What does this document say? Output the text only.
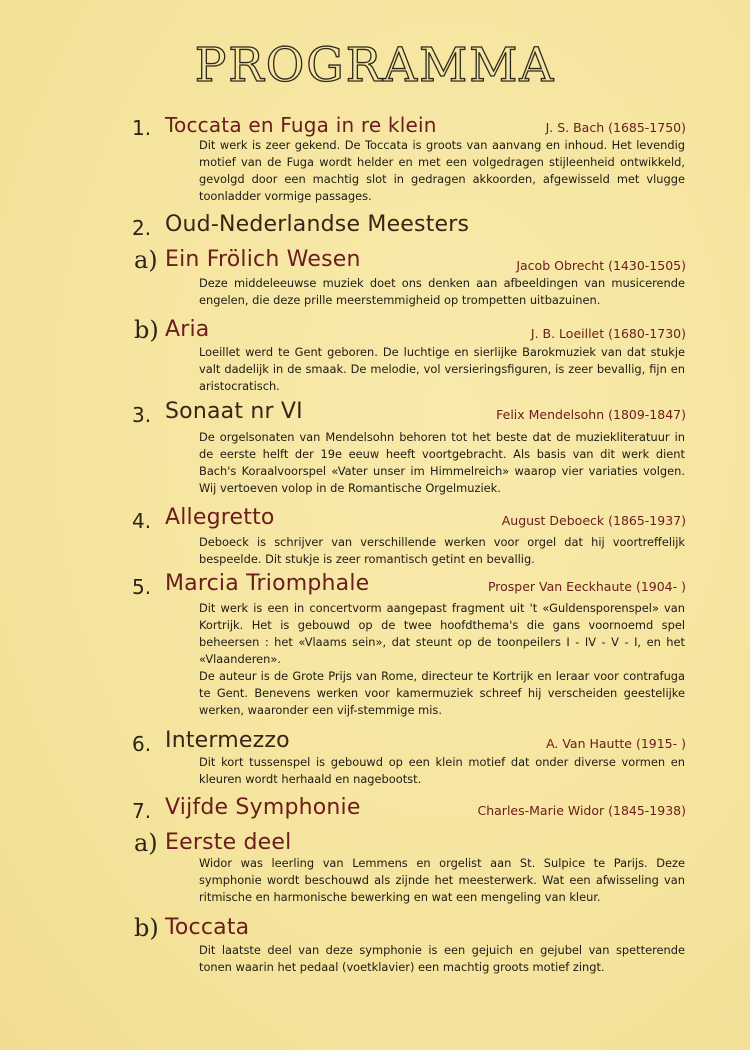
PROGRAMMA
1. Toccata en Fuga in re klein	J. S. Bach (1685-1750)

Dit werk is zeer gekend. De Toccata is groots van aanvang en inhoud. Het levendig motief van de Fuga wordt helder en met een volgedragen stijleenheid ontwikkeld, gevolgd door een machtig slot in gedragen akkoorden, afgewisseld met vlugge toonladder vormige passages.

2. Oud-Nederlandse Meesters
a) Ein Frölich Wesen	Jacob Obrecht (1430-1505)

Deze middeleeuwse muziek doet ons denken aan afbeeldingen van musicerende engelen, die deze prille meerstemmigheid op trompetten uitbazuinen.

b) Aria	J. B. Loeillet (1680-1730)

Loeillet werd te Gent geboren. De luchtige en sierlijke Barokmuziek van dat stukje valt dadelijk in de smaak. De melodie, vol versieringsfiguren, is zeer bevallig, fijn en aristocratisch.

3. Sonaat nr VI	Felix Mendelsohn (1809-1847)

De orgelsonaten van Mendelsohn behoren tot het beste dat de muziekliteratuur in de eerste helft der 19e eeuw heeft voortgebracht. Als basis van dit werk dient Bach's Koraalvoorspel «Vater unser im Himmelreich» waarop vier variaties volgen. Wij vertoeven volop in de Romantische Orgelmuziek.

4. Allegretto	August Deboeck (1865-1937)

Deboeck is schrijver van verschillende werken voor orgel dat hij voortreffelijk bespeelde. Dit stukje is zeer romantisch getint en bevallig.

5. Marcia Triomphale	Prosper Van Eeckhaute (1904- )

Dit werk is een in concertvorm aangepast fragment uit 't «Guldensporenspel» van Kortrijk. Het is gebouwd op de twee hoofdthema's die gans voornoemd spel beheersen : het «Vlaams sein», dat steunt op de toonpeilers I - IV - V - I, en het «Vlaanderen».

De auteur is de Grote Prijs van Rome, directeur te Kortrijk en leraar voor contrafuga te Gent. Benevens werken voor kamermuziek schreef hij verscheiden geestelijke werken, waaronder een vijf-stemmige mis.

6. Intermezzo	A. Van Hautte (1915- )

Dit kort tussenspel is gebouwd op een klein motief dat onder diverse vormen en kleuren wordt herhaald en nagebootst.

7. Vijfde Symphonie	Charles-Marie Widor (1845-1938)
a) Eerste deel

Widor was leerling van Lemmens en orgelist aan St. Sulpice te Parijs. Deze symphonie wordt beschouwd als zijnde het meesterwerk. Wat een afwisseling van ritmische en harmonische bewerking en wat een mengeling van kleur.

b) Toccata

Dit laatste deel van deze symphonie is een gejuich en gejubel van spetterende tonen waarin het pedaal (voetklavier) een machtig groots motief zingt.
